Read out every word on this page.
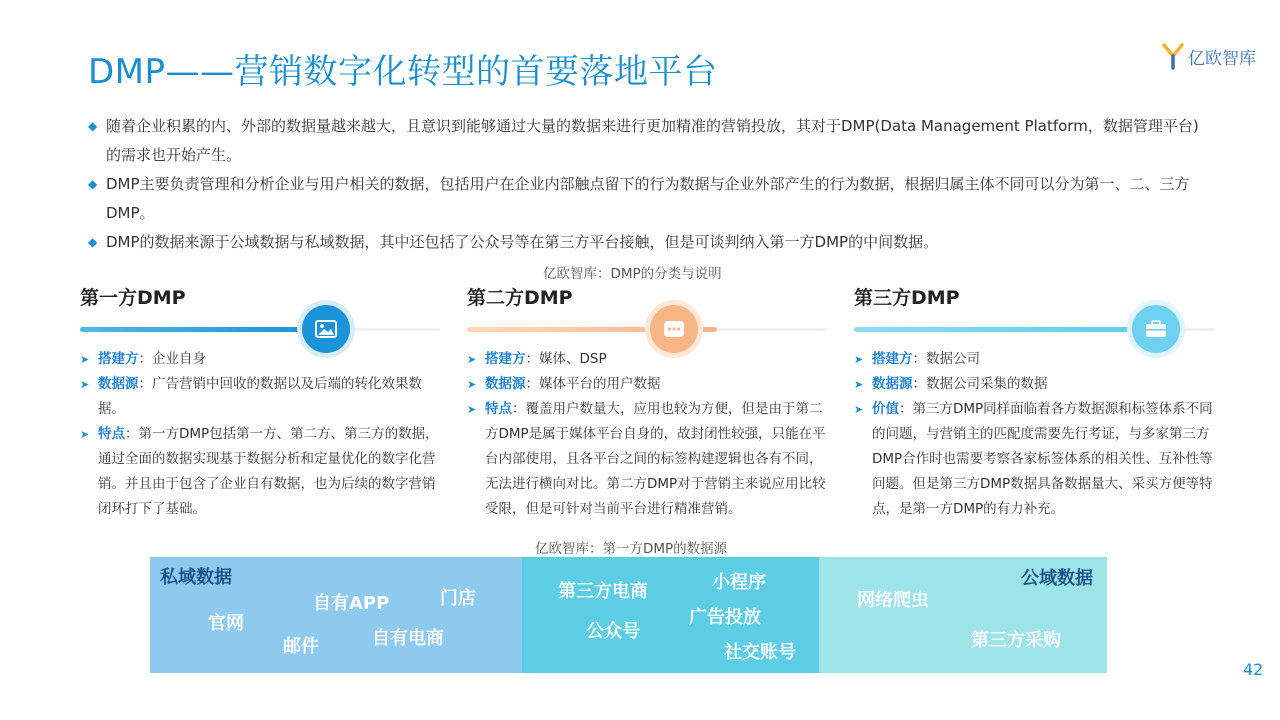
DMP——营销数字化转型的首要落地平台	亿欧智库
◆ 随着企业积累的内、外部的数据量越来越大，且意识到能够通过大量的数据来进行更加精准的营销投放，其对于DMP(Data Management Platform，数据管理平台) 的需求也开始产生。
◆ DMP主要负责管理和分析企业与用户相关的数据，包括用户在企业内部触点留下的行为数据与企业外部产生的行为数据，根据归属主体不同可以分为第一、二、三方DMP。
◆ DMP的数据来源于公域数据与私域数据，其中还包括了公众号等在第三方平台接触，但是可谈判纳入第一方DMP的中间数据。
亿欧智库：DMP的分类与说明
第一方DMP
➤ 搭建方：企业自身
➤ 数据源：广告营销中回收的数据以及后端的转化效果数据。
➤ 特点：第一方DMP包括第一方、第二方、第三方的数据，通过全面的数据实现基于数据分析和定量优化的数字化营销。并且由于包含了企业自有数据，也为后续的数字营销闭环打下了基础。
第二方DMP
➤ 搭建方：媒体、DSP
➤ 数据源：媒体平台的用户数据
➤ 特点：覆盖用户数量大，应用也较为方便，但是由于第二方DMP是属于媒体平台自身的，故封闭性较强，只能在平台内部使用，且各平台之间的标签构建逻辑也各有不同，无法进行横向对比。第二方DMP对于营销主来说应用比较受限，但是可针对当前平台进行精准营销。
第三方DMP
➤ 搭建方：数据公司
➤ 数据源：数据公司采集的数据
➤ 价值：第三方DMP同样面临着各方数据源和标签体系不同的问题，与营销主的匹配度需要先行考证，与多家第三方DMP合作时也需要考察各家标签体系的相关性、互补性等问题。但是第三方DMP数据具备数据量大、采买方便等特点，是第一方DMP的有力补充。
亿欧智库：第一方DMP的数据源
私域数据
官网
自有APP	门店
邮件	自有电商
第三方电商	小程序
公众号
广告投放
社交账号
公域数据
网络爬虫
第三方采购
42
